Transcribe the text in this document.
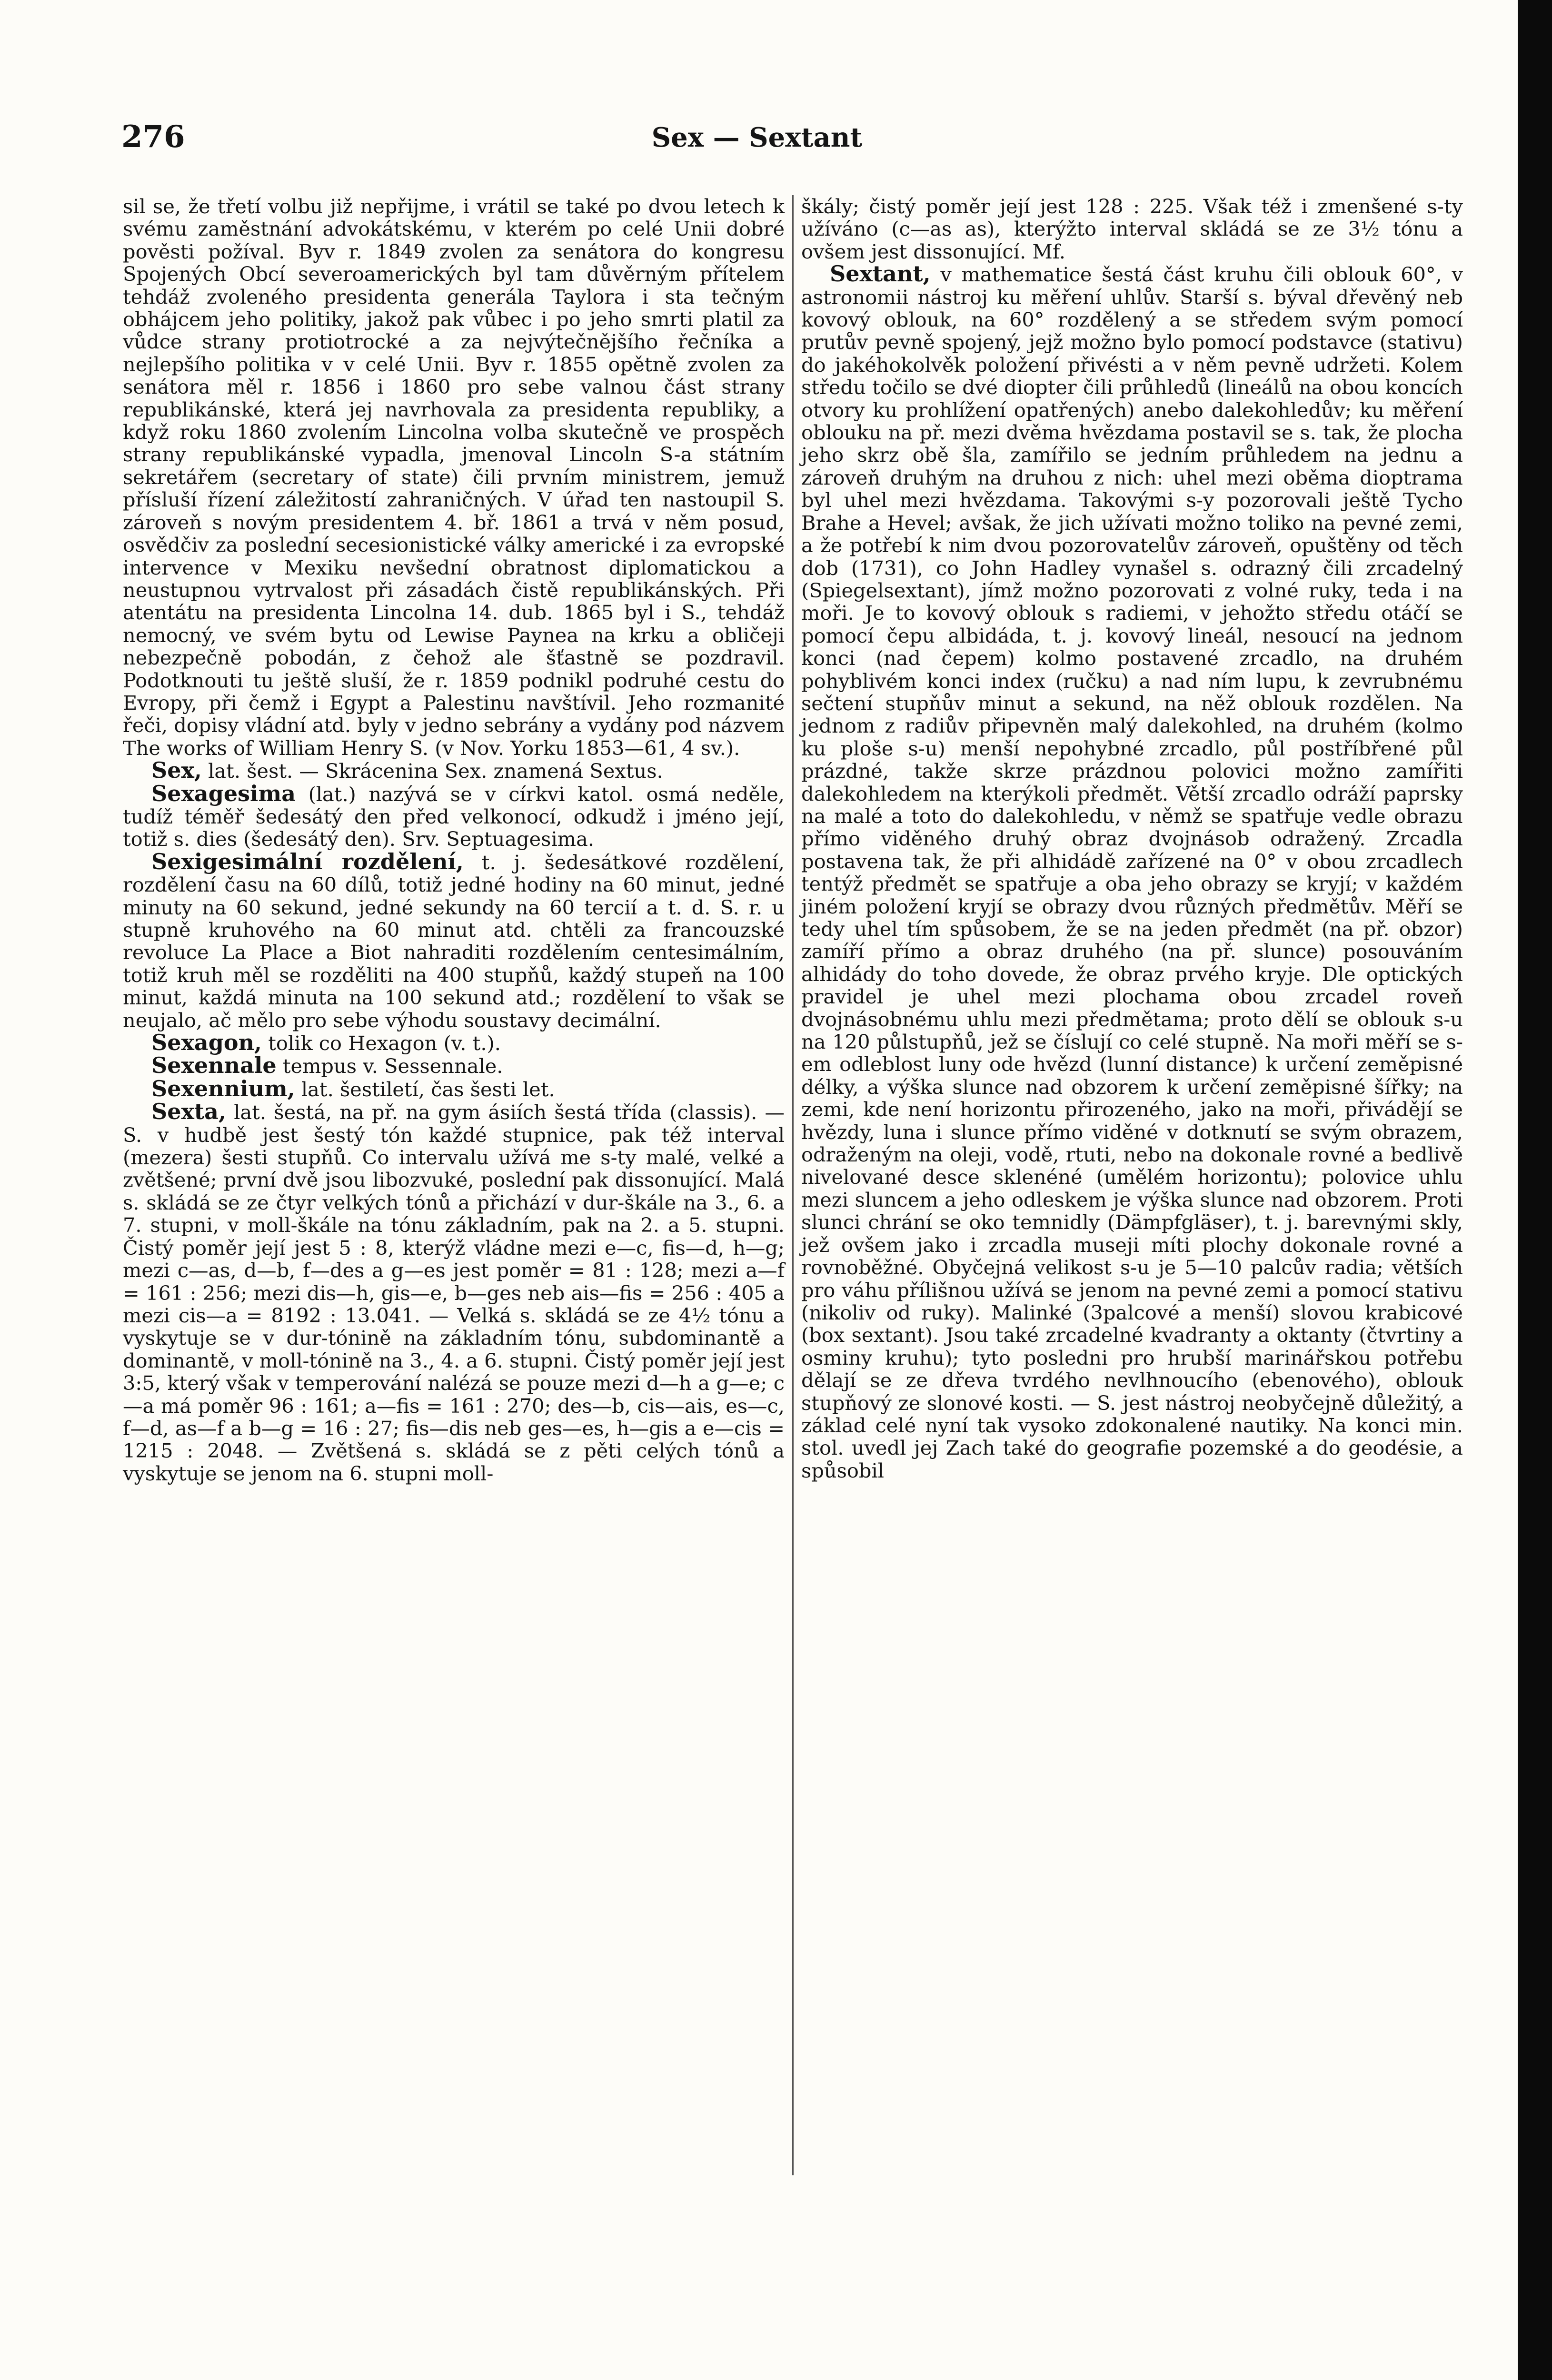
276	Sex — Sextant

sil se, že třetí volbu již nepřijme, i vrátil se také po dvou letech k svému zaměstnání advokátskému, v kterém po celé Unii dobré pověsti požíval. Byv r. 1849 zvolen za senátora do kongresu Spojených Obcí severoamerických byl tam důvěrným přítelem tehdáž zvoleného presidenta generála Taylora i sta tečným obhájcem jeho politiky, jakož pak vůbec i po jeho smrti platil za vůdce strany protiotrocké a za nejvýtečnějšího řečníka a nejlepšího politika v v celé Unii. Byv r. 1855 opětně zvolen za senátora měl r. 1856 i 1860 pro sebe valnou část strany republikánské, která jej navrhovala za presidenta republiky, a když roku 1860 zvolením Lincolna volba skutečně ve prospěch strany republikánské vypadla, jmenoval Lincoln S-a státním sekretářem (secretary of state) čili prvním ministrem, jemuž přísluší řízení záležitostí zahraničných. V úřad ten nastoupil S. zároveň s novým presidentem 4. bř. 1861 a trvá v něm posud, osvědčiv za poslední secesionistické války americké i za evropské intervence v Mexiku nevšední obratnost diplomatickou a neustupnou vytrvalost při zásadách čistě republikánských. Při atentátu na presidenta Lincolna 14. dub. 1865 byl i S., tehdáž nemocný, ve svém bytu od Lewise Paynea na krku a obličeji nebezpečně pobodán, z čehož ale šťastně se pozdravil. Podotknouti tu ještě sluší, že r. 1859 podnikl podruhé cestu do Evropy, při čemž i Egypt a Palestinu navštívil. Jeho rozmanité řeči, dopisy vládní atd. byly v jedno sebrány a vydány pod názvem The works of William Henry S. (v Nov. Yorku 1853—61, 4 sv.).

Sex, lat. šest. — Skrácenina Sex. znamená Sextus.

Sexagesima (lat.) nazývá se v církvi katol. osmá neděle, tudíž téměř šedesátý den před velkonocí, odkudž i jméno její, totiž s. dies (šedesátý den). Srv. Septuagesima.

Sexigesimální rozdělení, t. j. šedesátkové rozdělení, rozdělení času na 60 dílů, totiž jedné hodiny na 60 minut, jedné minuty na 60 sekund, jedné sekundy na 60 tercií a t. d. S. r. u stupně kruhového na 60 minut atd. chtěli za francouzské revoluce La Place a Biot nahraditi rozdělením centesimálním, totiž kruh měl se rozděliti na 400 stupňů, každý stupeň na 100 minut, každá minuta na 100 sekund atd.; rozdělení to však se neujalo, ač mělo pro sebe výhodu soustavy decimální.

Sexagon, tolik co Hexagon (v. t.).

Sexennale tempus v. Sessennale.

Sexennium, lat. šestiletí, čas šesti let.

Sexta, lat. šestá, na př. na gym ásiích šestá třída (classis). — S. v hudbě jest šestý tón každé stupnice, pak též interval (mezera) šesti stupňů. Co intervalu užívá me s-ty malé, velké a zvětšené; první dvě jsou libozvuké, poslední pak dissonující. Malá s. skládá se ze čtyr velkých tónů a přichází v dur-škále na 3., 6. a 7. stupni, v moll-škále na tónu základním, pak na 2. a 5. stupni. Čistý poměr její jest 5 : 8, kterýž vládne mezi e—c, fis—d, h—g; mezi c—as, d—b, f—des a g—es jest poměr = 81 : 128; mezi a—f = 161 : 256; mezi dis—h, gis—e, b—ges neb ais—fis = 256 : 405 a mezi cis—a = 8192 : 13.041. — Velká s. skládá se ze 4½ tónu a vyskytuje se v dur-tónině na základním tónu, subdominantě a dominantě, v moll-tónině na 3., 4. a 6. stupni. Čistý poměr její jest 3:5, který však v temperování nalézá se pouze mezi d—h a g—e; c—a má poměr 96 : 161; a—fis = 161 : 270; des—b, cis—ais, es—c, f—d, as—f a b—g = 16 : 27; fis—dis neb ges—es, h—gis a e—cis = 1215 : 2048. — Zvětšená s. skládá se z pěti celých tónů a vyskytuje se jenom na 6. stupni moll-

škály; čistý poměr její jest 128 : 225. Však též i zmenšené s-ty užíváno (c—as as), kterýžto interval skládá se ze 3½ tónu a ovšem jest dissonující. Mf.

Sextant, v mathematice šestá část kruhu čili oblouk 60°, v astronomii nástroj ku měření uhlův. Starší s. býval dřevěný neb kovový oblouk, na 60° rozdělený a se středem svým pomocí prutův pevně spojený, jejž možno bylo pomocí podstavce (stativu) do jakéhokolvěk položení přivésti a v něm pevně udržeti. Kolem středu točilo se dvé diopter čili průhledů (lineálů na obou koncích otvory ku prohlížení opatřených) anebo dalekohledův; ku měření oblouku na př. mezi dvěma hvězdama postavil se s. tak, že plocha jeho skrz obě šla, zamířilo se jedním průhledem na jednu a zároveň druhým na druhou z nich: uhel mezi oběma dioptrama byl uhel mezi hvězdama. Takovými s-y pozorovali ještě Tycho Brahe a Hevel; avšak, že jich užívati možno toliko na pevné zemi, a že potřebí k nim dvou pozorovatelův zároveň, opuštěny od těch dob (1731), co John Hadley vynašel s. odrazný čili zrcadelný (Spiegelsextant), jímž možno pozorovati z volné ruky, teda i na moři. Je to kovový oblouk s radiemi, v jehožto středu otáčí se pomocí čepu albidáda, t. j. kovový lineál, nesoucí na jednom konci (nad čepem) kolmo postavené zrcadlo, na druhém pohyblivém konci index (ručku) a nad ním lupu, k zevrubnému sečtení stupňův minut a sekund, na něž oblouk rozdělen. Na jednom z radiův připevněn malý dalekohled, na druhém (kolmo ku ploše s-u) menší nepohybné zrcadlo, půl postříbřené půl prázdné, takže skrze prázdnou polovici možno zamířiti dalekohledem na kterýkoli předmět. Větší zrcadlo odráží paprsky na malé a toto do dalekohledu, v němž se spatřuje vedle obrazu přímo viděného druhý obraz dvojnásob odražený. Zrcadla postavena tak, že při alhidádě zařízené na 0° v obou zrcadlech tentýž předmět se spatřuje a oba jeho obrazy se kryjí; v každém jiném položení kryjí se obrazy dvou různých předmětův. Měří se tedy uhel tím spůsobem, že se na jeden předmět (na př. obzor) zamíří přímo a obraz druhého (na př. slunce) posouváním alhidády do toho dovede, že obraz prvého kryje. Dle optických pravidel je uhel mezi plochama obou zrcadel roveň dvojnásobnému uhlu mezi předmětama; proto dělí se oblouk s-u na 120 půlstupňů, jež se číslují co celé stupně. Na moři měří se s-em odleblost luny ode hvězd (lunní distance) k určení zeměpisné délky, a výška slunce nad obzorem k určení zeměpisné šířky; na zemi, kde není horizontu přirozeného, jako na moři, přivádějí se hvězdy, luna i slunce přímo viděné v dotknutí se svým obrazem, odraženým na oleji, vodě, rtuti, nebo na dokonale rovné a bedlivě nivelované desce sklenéné (umělém horizontu); polovice uhlu mezi sluncem a jeho odleskem je výška slunce nad obzorem. Proti slunci chrání se oko temnidly (Dämpfgläser), t. j. barevnými skly, jež ovšem jako i zrcadla museji míti plochy dokonale rovné a rovnoběžné. Obyčejná velikost s-u je 5—10 palcův radia; větších pro váhu přílišnou užívá se jenom na pevné zemi a pomocí stativu (nikoliv od ruky). Malinké (3palcové a menší) slovou krabicové (box sextant). Jsou také zrcadelné kvadranty a oktanty (čtvrtiny a osminy kruhu); tyto posledni pro hrubší marinářskou potřebu dělají se ze dřeva tvrdého nevlhnoucího (ebenového), oblouk stupňový ze slonové kosti. — S. jest nástroj neobyčejně důležitý, a základ celé nyní tak vysoko zdokonalené nautiky. Na konci min. stol. uvedl jej Zach také do geografie pozemské a do geodésie, a spůsobil
